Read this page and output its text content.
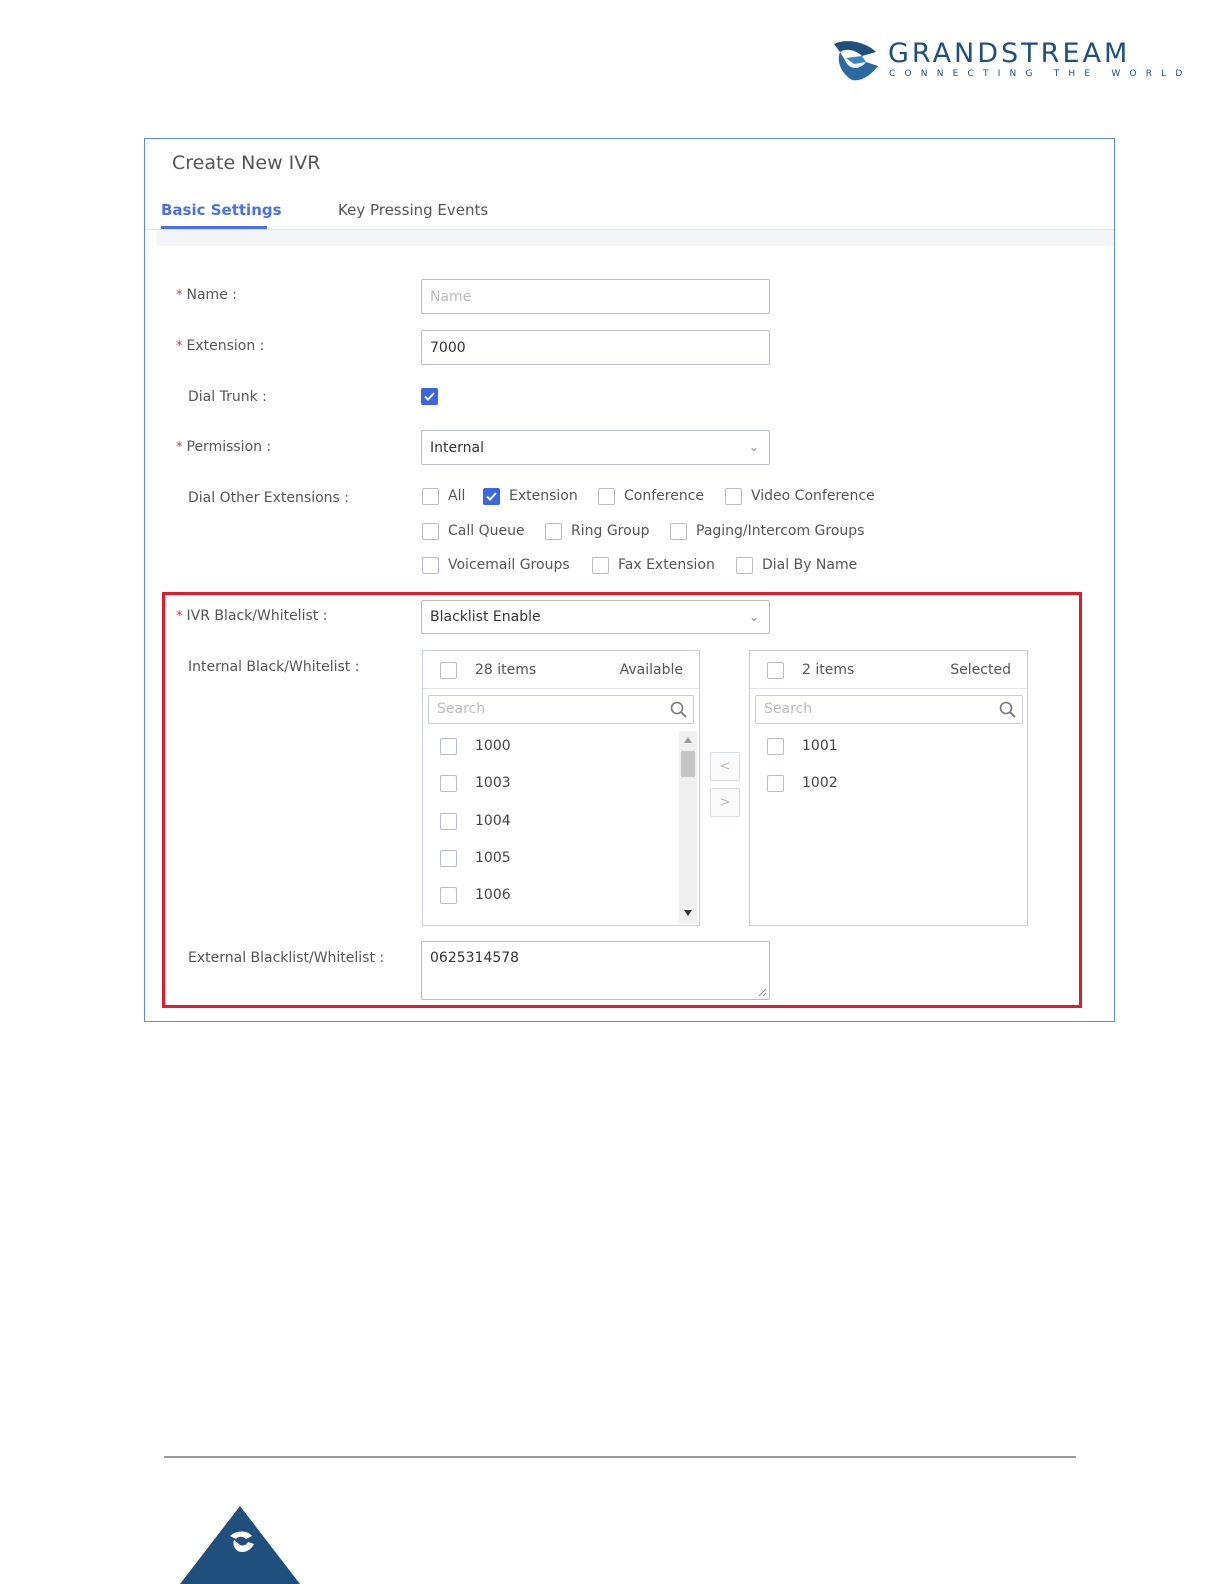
GRANDSTREAM
CONNECTING THE WORLD
Create New IVR
Basic Settings	Key Pressing Events
* Name :	Name
* Extension :	7000
Dial Trunk :
* Permission :	Internal	⌄
Dial Other Extensions :	All	Extension	Conference	Video Conference
Call Queue	Ring Group	Paging/Intercom Groups
Voicemail Groups	Fax Extension	Dial By Name
* IVR Black/Whitelist :	Blacklist Enable	⌄
Internal Black/Whitelist :	28 items	Available
Search
1000
1003
1004
1005
1006
<
>
2 items	Selected
Search
1001
1002
External Blacklist/Whitelist :	0625314578
